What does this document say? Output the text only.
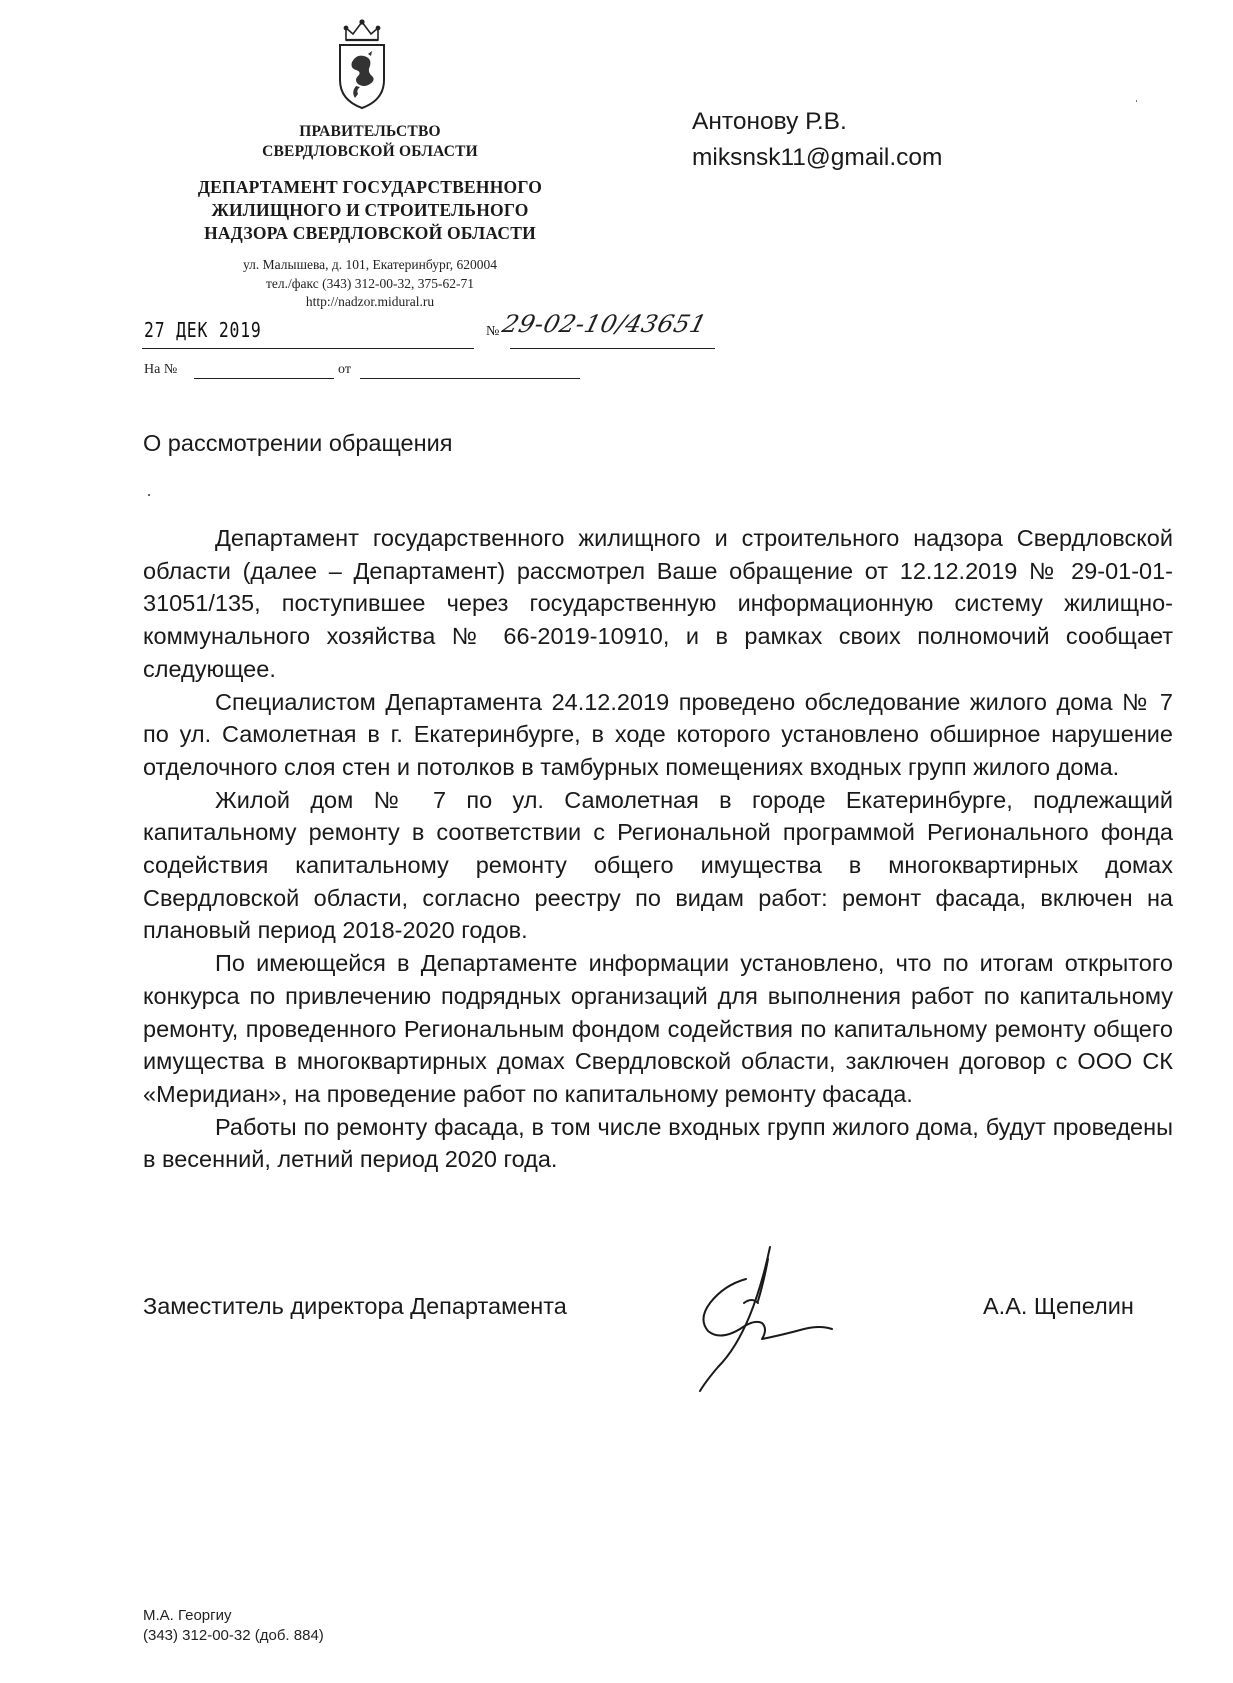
ПРАВИТЕЛЬСТВО
СВЕРДЛОВСКОЙ ОБЛАСТИ
ДЕПАРТАМЕНТ ГОСУДАРСТВЕННОГО
ЖИЛИЩНОГО И СТРОИТЕЛЬНОГО
НАДЗОРА СВЕРДЛОВСКОЙ ОБЛАСТИ
ул. Малышева, д. 101, Екатеринбург, 620004
тел./факс (343) 312-00-32, 375-62-71
http://nadzor.midural.ru
27 ДЕК 2019	№ 29-02-10/43651
На №	от
Антонову Р.В.
miksnsk11@gmail.com
О рассмотрении обращения

Департамент государственного жилищного и строительного надзора Свердловской области (далее – Департамент) рассмотрел Ваше обращение от 12.12.2019 № 29-01-01-31051/135, поступившее через государственную информационную систему жилищно-коммунального хозяйства № 66-2019-10910, и в рамках своих полномочий сообщает следующее.

Специалистом Департамента 24.12.2019 проведено обследование жилого дома № 7 по ул. Самолетная в г. Екатеринбурге, в ходе которого установлено обширное нарушение отделочного слоя стен и потолков в тамбурных помещениях входных групп жилого дома.

Жилой дом № 7 по ул. Самолетная в городе Екатеринбурге, подлежащий капитальному ремонту в соответствии с Региональной программой Регионального фонда содействия капитальному ремонту общего имущества в многоквартирных домах Свердловской области, согласно реестру по видам работ: ремонт фасада, включен на плановый период 2018-2020 годов.

По имеющейся в Департаменте информации установлено, что по итогам открытого конкурса по привлечению подрядных организаций для выполнения работ по капитальному ремонту, проведенного Региональным фондом содействия по капитальному ремонту общего имущества в многоквартирных домах Свердловской области, заключен договор с ООО СК «Меридиан», на проведение работ по капитальному ремонту фасада.

Работы по ремонту фасада, в том числе входных групп жилого дома, будут проведены в весенний, летний период 2020 года.

Заместитель директора Департамента	А.А. Щепелин
М.А. Георгиу
(343) 312-00-32 (доб. 884)
